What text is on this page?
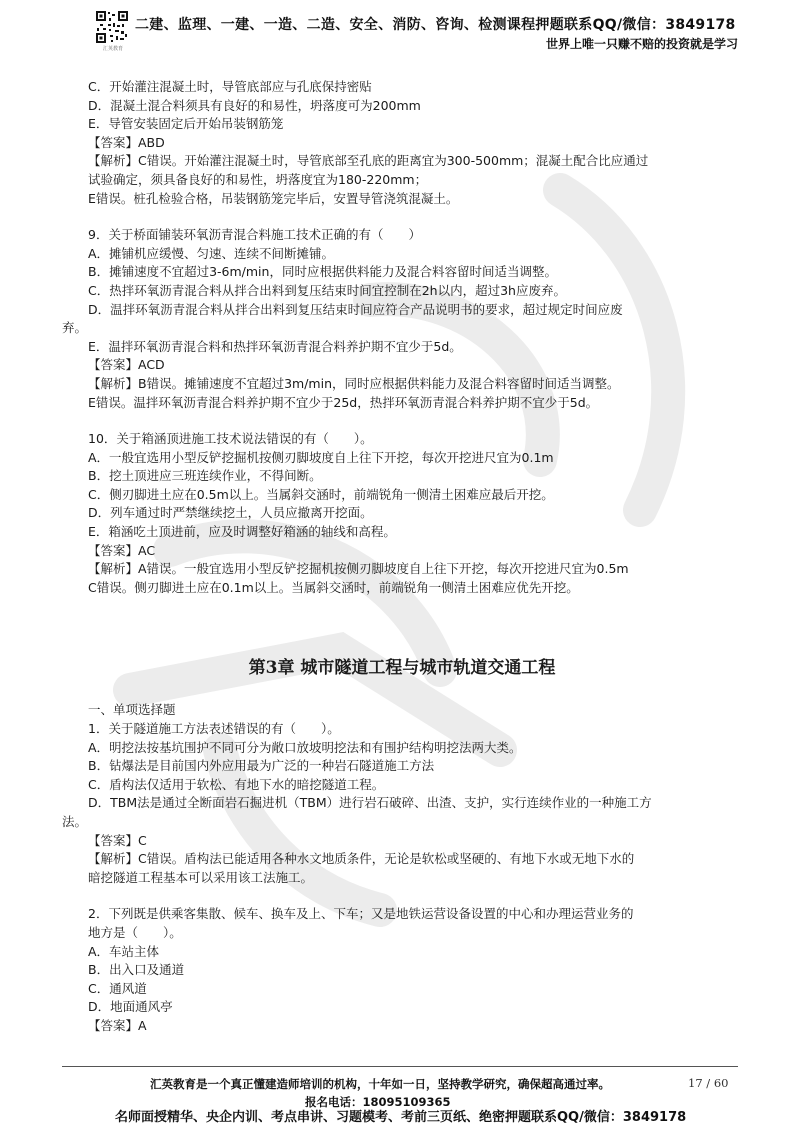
汇英教育
二建、监理、一建、一造、二造、安全、消防、咨询、检测课程押题联系QQ/微信：3849178
世界上唯一只赚不赔的投资就是学习

C．开始灌注混凝土时，导管底部应与孔底保持密贴

D．混凝土混合料须具有良好的和易性，坍落度可为200mm

E．导管安装固定后开始吊装钢筋笼

【答案】ABD

【解析】C错误。开始灌注混凝土时，导管底部至孔底的距离宜为300-500mm；混凝土配合比应通过

试验确定，须具备良好的和易性，坍落度宜为180-220mm；

E错误。桩孔检验合格，吊装钢筋笼完毕后，安置导管浇筑混凝土。

9．关于桥面铺装环氧沥青混合料施工技术正确的有（　　）

A．摊铺机应缓慢、匀速、连续不间断摊铺。

B．摊铺速度不宜超过3-6m/min，同时应根据供料能力及混合料容留时间适当调整。

C．热拌环氧沥青混合料从拌合出料到复压结束时间宜控制在2h以内，超过3h应废弃。

D．温拌环氧沥青混合料从拌合出料到复压结束时间应符合产品说明书的要求，超过规定时间应废

弃。

E．温拌环氧沥青混合料和热拌环氧沥青混合料养护期不宜少于5d。

【答案】ACD

【解析】B错误。摊铺速度不宜超过3m/min，同时应根据供料能力及混合料容留时间适当调整。

E错误。温拌环氧沥青混合料养护期不宜少于25d，热拌环氧沥青混合料养护期不宜少于5d。

10．关于箱涵顶进施工技术说法错误的有（　　）。

A．一般宜选用小型反铲挖掘机按侧刃脚坡度自上往下开挖，每次开挖进尺宜为0.1m

B．挖土顶进应三班连续作业，不得间断。

C．侧刃脚进土应在0.5m以上。当属斜交涵时，前端锐角一侧清土困难应最后开挖。

D．列车通过时严禁继续挖土，人员应撤离开挖面。

E．箱涵吃土顶进前，应及时调整好箱涵的轴线和高程。

【答案】AC

【解析】A错误。一般宜选用小型反铲挖掘机按侧刃脚坡度自上往下开挖，每次开挖进尺宜为0.5m

C错误。侧刃脚进土应在0.1m以上。当属斜交涵时，前端锐角一侧清土困难应优先开挖。

第3章 城市隧道工程与城市轨道交通工程

一、单项选择题

1．关于隧道施工方法表述错误的有（　　）。

A．明挖法按基坑围护不同可分为敞口放坡明挖法和有围护结构明挖法两大类。

B．钻爆法是目前国内外应用最为广泛的一种岩石隧道施工方法

C．盾构法仅适用于软松、有地下水的暗挖隧道工程。

D．TBM法是通过全断面岩石掘进机（TBM）进行岩石破碎、出渣、支护，实行连续作业的一种施工方

法。

【答案】C

【解析】C错误。盾构法已能适用各种水文地质条件，无论是软松或坚硬的、有地下水或无地下水的

暗挖隧道工程基本可以采用该工法施工。

2．下列既是供乘客集散、候车、换车及上、下车；又是地铁运营设备设置的中心和办理运营业务的

地方是（　　）。

A．车站主体

B．出入口及通道

C．通风道

D．地面通风亭

【答案】A

汇英教育是一个真正懂建造师培训的机构，十年如一日，坚持教学研究，确保超高通过率。	17 / 60
报名电话：18095109365
名师面授精华、央企内训、考点串讲、习题模考、考前三页纸、绝密押题联系QQ/微信：3849178
